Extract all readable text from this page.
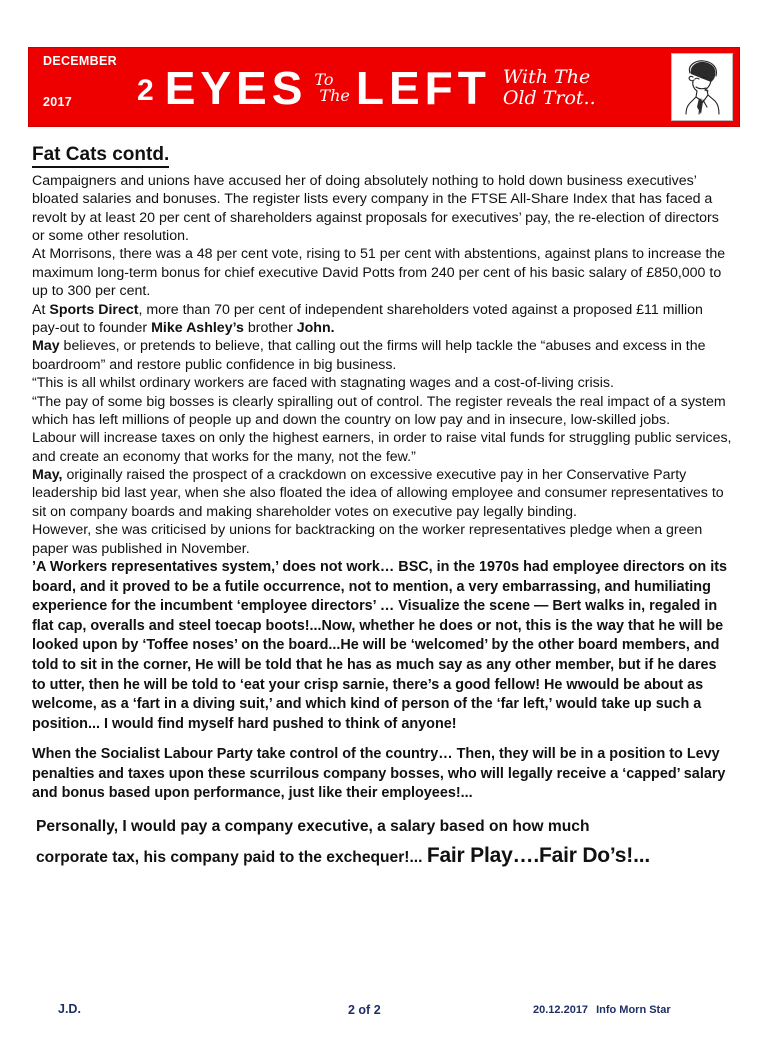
DECEMBER
2017 2 EYES To
The LEFT With The
Old Trot..
Fat Cats contd.

Campaigners and unions have accused her of doing absolutely nothing to hold down business executives’ bloated salaries and bonuses. The register lists every company in the FTSE All-Share Index that has faced a revolt by at least 20 per cent of shareholders against proposals for executives’ pay, the re-election of directors or some other resolution.

At Morrisons, there was a 48 per cent vote, rising to 51 per cent with abstentions, against plans to increase the maximum long-term bonus for chief executive David Potts from 240 per cent of his basic salary of £850,000 to up to 300 per cent.

At Sports Direct, more than 70 per cent of independent shareholders voted against a proposed £11 million pay-out to founder Mike Ashley’s brother John.

May believes, or pretends to believe, that calling out the firms will help tackle the “abuses and excess in the boardroom” and restore public confidence in big business.

“This is all whilst ordinary workers are faced with stagnating wages and a cost-of-living crisis.

“The pay of some big bosses is clearly spiralling out of control. The register reveals the real impact of a system which has left millions of people up and down the country on low pay and in insecure, low-skilled jobs.

Labour will increase taxes on only the highest earners, in order to raise vital funds for struggling public services, and create an economy that works for the many, not the few.”

May, originally raised the prospect of a crackdown on excessive executive pay in her Conservative Party leadership bid last year, when she also floated the idea of allowing employee and consumer representatives to sit on company boards and making shareholder votes on executive pay legally binding.

However, she was criticised by unions for backtracking on the worker representatives pledge when a green paper was published in November.

’A Workers representatives system,’ does not work… BSC, in the 1970s had employee directors on its board, and it proved to be a futile occurrence, not to mention, a very embarrassing, and humiliating experience for the incumbent ‘employee directors’ … Visualize the scene — Bert walks in, regaled in flat cap, overalls and steel toecap boots!...Now, whether he does or not, this is the way that he will be looked upon by ‘Toffee noses’ on the board...He will be ‘welcomed’ by the other board members, and told to sit in the corner, He will be told that he has as much say as any other member, but if he dares to utter, then he will be told to ‘eat your crisp sarnie, there’s a good fellow! He wwould be about as welcome, as a ‘fart in a diving suit,’ and which kind of person of the ‘far left,’ would take up such a position... I would find myself hard pushed to think of anyone!

When the Socialist Labour Party take control of the country… Then, they will be in a position to Levy penalties and taxes upon these scurrilous company bosses, who will legally receive a ‘capped’ salary and bonus based upon performance, just like their employees!...

Personally, I would pay a company executive, a salary based on how much
corporate tax, his company paid to the exchequer!... Fair Play….Fair Do’s!...
J.D.	2 of 2	20.12.2017 Info Morn Star
